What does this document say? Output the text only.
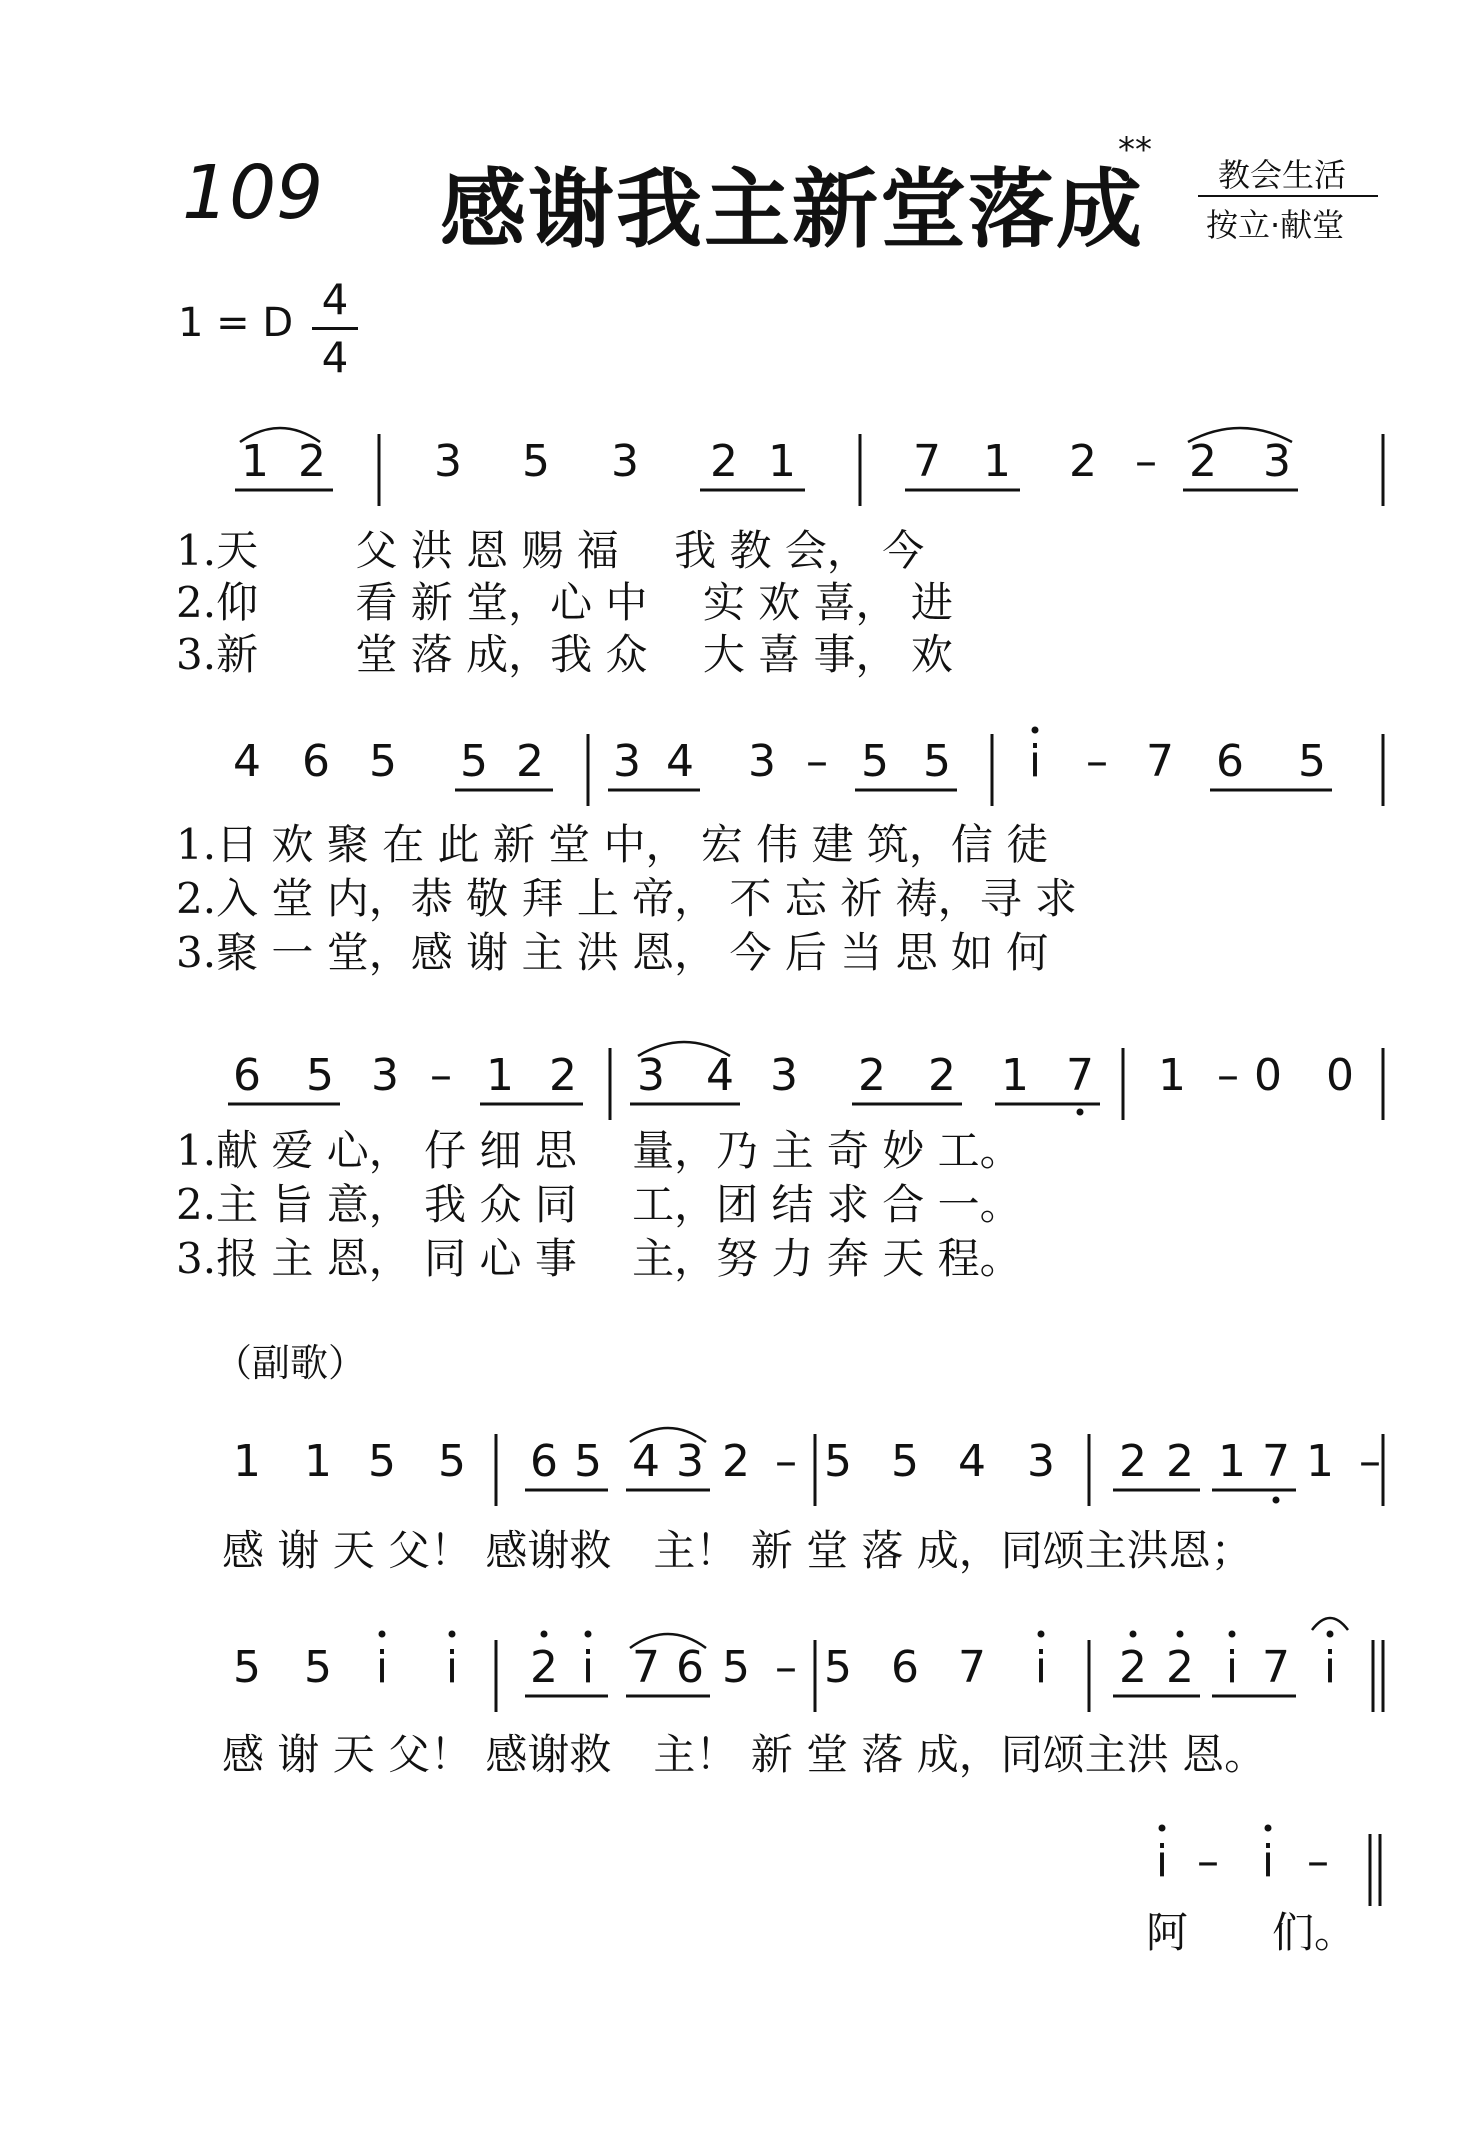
109 感谢我主新堂落成
**
教会生活
按立·献堂
1 = D 4
4
1 2 3 5 3 2 1	7 1 2 – 2 3
4 6 5 5 2 3 4 3 – 5 5	i	– 7 6 5
6 5 3 – 1 2 3 4 3 2 2 1 7 1 – 0 0
1 1 5 5 6 5 4 3 2 – 5 5 4 3 2 2 1 7 1 –
5 5 i	i	2 i 7 6 5 – 5 6 7	i	2 2 i 7 i
i – i –
1.天　　 父 洪 恩 赐 福　 我 教 会， 今
2.仰　　 看 新 堂，心 中　 实 欢 喜， 进
3.新　　 堂 落 成，我 众　 大 喜 事， 欢
1.日 欢 聚 在 此 新 堂 中， 宏 伟 建 筑，信 徒
2.入 堂 内，恭 敬 拜 上 帝， 不 忘 祈 祷，寻 求
3.聚 一 堂，感 谢 主 洪 恩， 今 后 当 思 如 何
1.献 爱 心， 仔 细 思　 量，乃 主 奇 妙 工。
2.主 旨 意， 我 众 同　 工，团 结 求 合 一。
3.报 主 恩， 同 心 事　 主，努 力 奔 天 程。
（副歌）
感 谢 天 父！ 感谢救　主！ 新 堂 落 成，同颂主洪恩；
感 谢 天 父！ 感谢救　主！ 新 堂 落 成，同颂主洪 恩。
阿　　们。
